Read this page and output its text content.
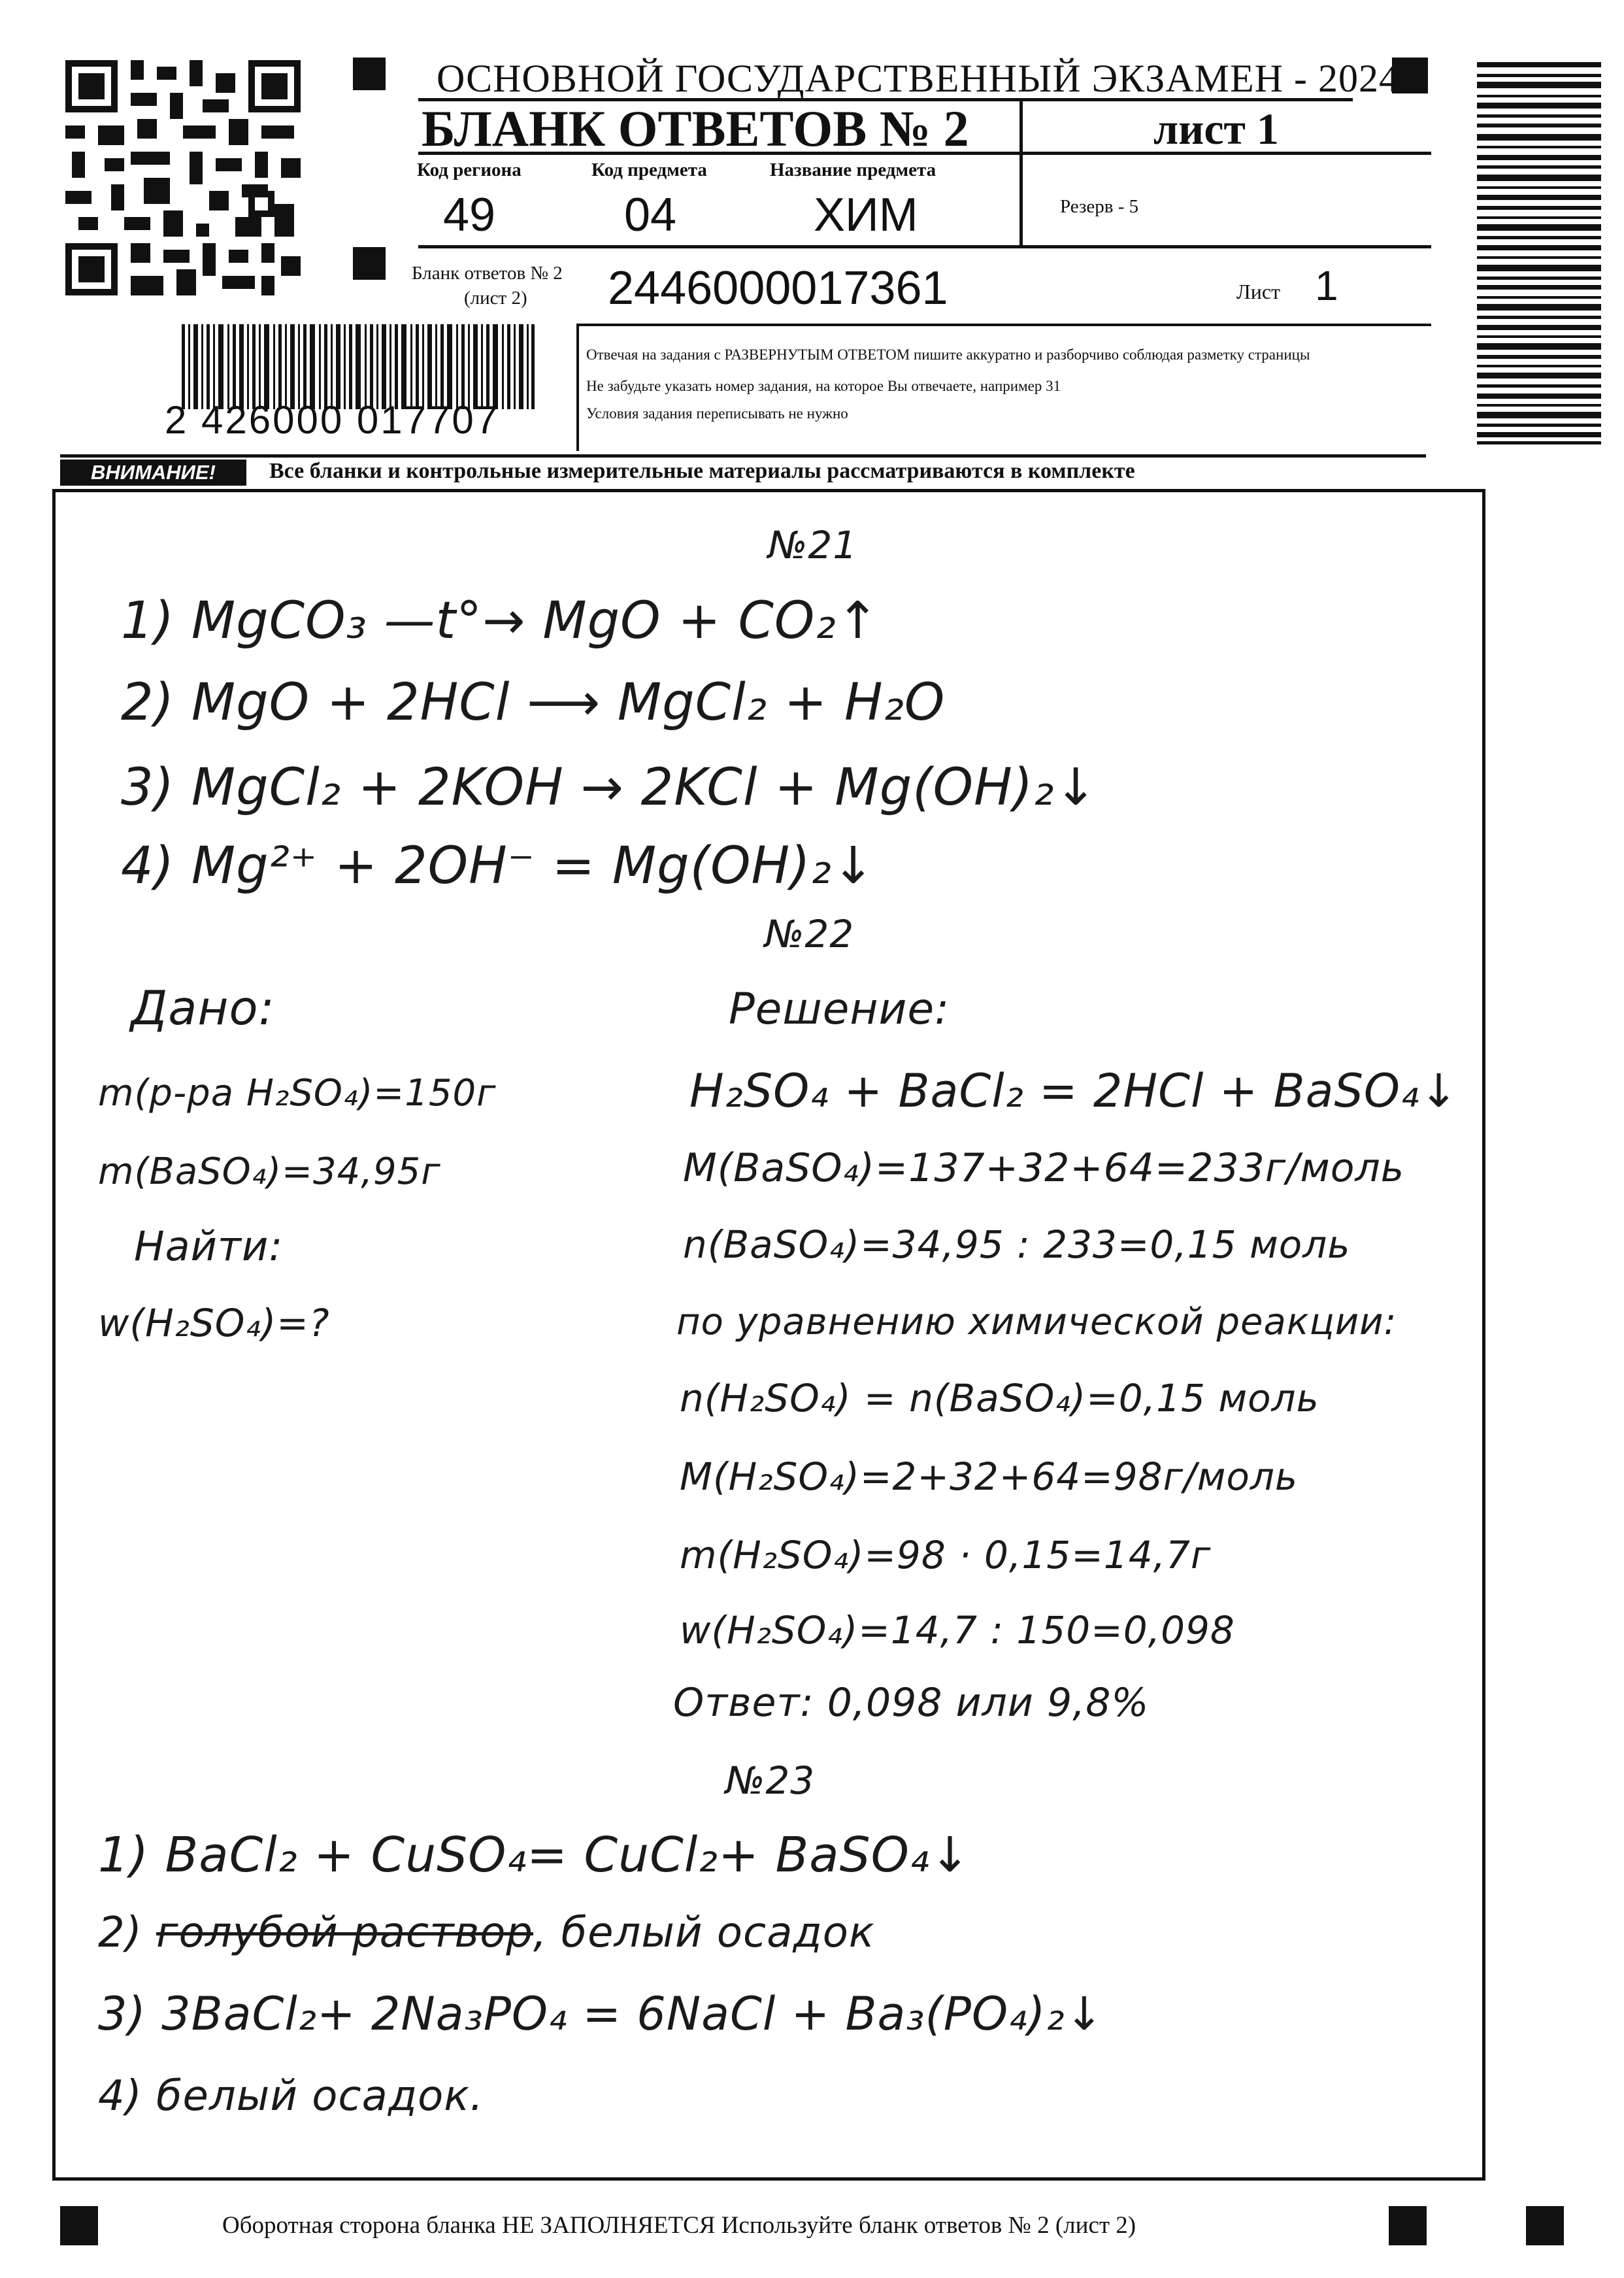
ОСНОВНОЙ ГОСУДАРСТВЕННЫЙ ЭКЗАМЕН - 2024
БЛАНК ОТВЕТОВ № 2	лист 1
Код региона
49
Код предмета
04
Название предмета
ХИМ	Резерв - 5
Бланк ответов № 2
(лист 2) 2446000017361	Лист 1
2 426000 017707
Отвечая на задания с РАЗВЕРНУТЫМ ОТВЕТОМ пишите аккуратно и разборчиво соблюдая разметку страницы
Не забудьте указать номер задания, на которое Вы отвечаете, например 31
Условия задания переписывать не нужно
ВНИМАНИЕ!	Все бланки и контрольные измерительные материалы рассматриваются в комплекте
№21
1) MgCO₃ —t°→ MgO + CO₂↑
2) MgO + 2HCl ⟶ MgCl₂ + H₂O
3) MgCl₂ + 2KOH → 2KCl + Mg(OH)₂↓
4) Mg²⁺ + 2OH⁻ = Mg(OH)₂↓
№22
Дано:
m(р-ра H₂SO₄)=150г
m(BaSO₄)=34,95г
Найти:
w(H₂SO₄)=?
Решение:
H₂SO₄ + BaCl₂ = 2HCl + BaSO₄↓
M(BaSO₄)=137+32+64=233г/моль
n(BaSO₄)=34,95 : 233=0,15 моль
по уравнению химической реакции:
n(H₂SO₄) = n(BaSO₄)=0,15 моль
M(H₂SO₄)=2+32+64=98г/моль
m(H₂SO₄)=98 · 0,15=14,7г
w(H₂SO₄)=14,7 : 150=0,098
Ответ: 0,098 или 9,8%
№23
1) BaCl₂ + CuSO₄= CuCl₂+ BaSO₄↓
2) голубой раствор, белый осадок
3) 3BaCl₂+ 2Na₃PO₄ = 6NaCl + Ba₃(PO₄)₂↓
4) белый осадок.
Оборотная сторона бланка НЕ ЗАПОЛНЯЕТСЯ Используйте бланк ответов № 2 (лист 2)
